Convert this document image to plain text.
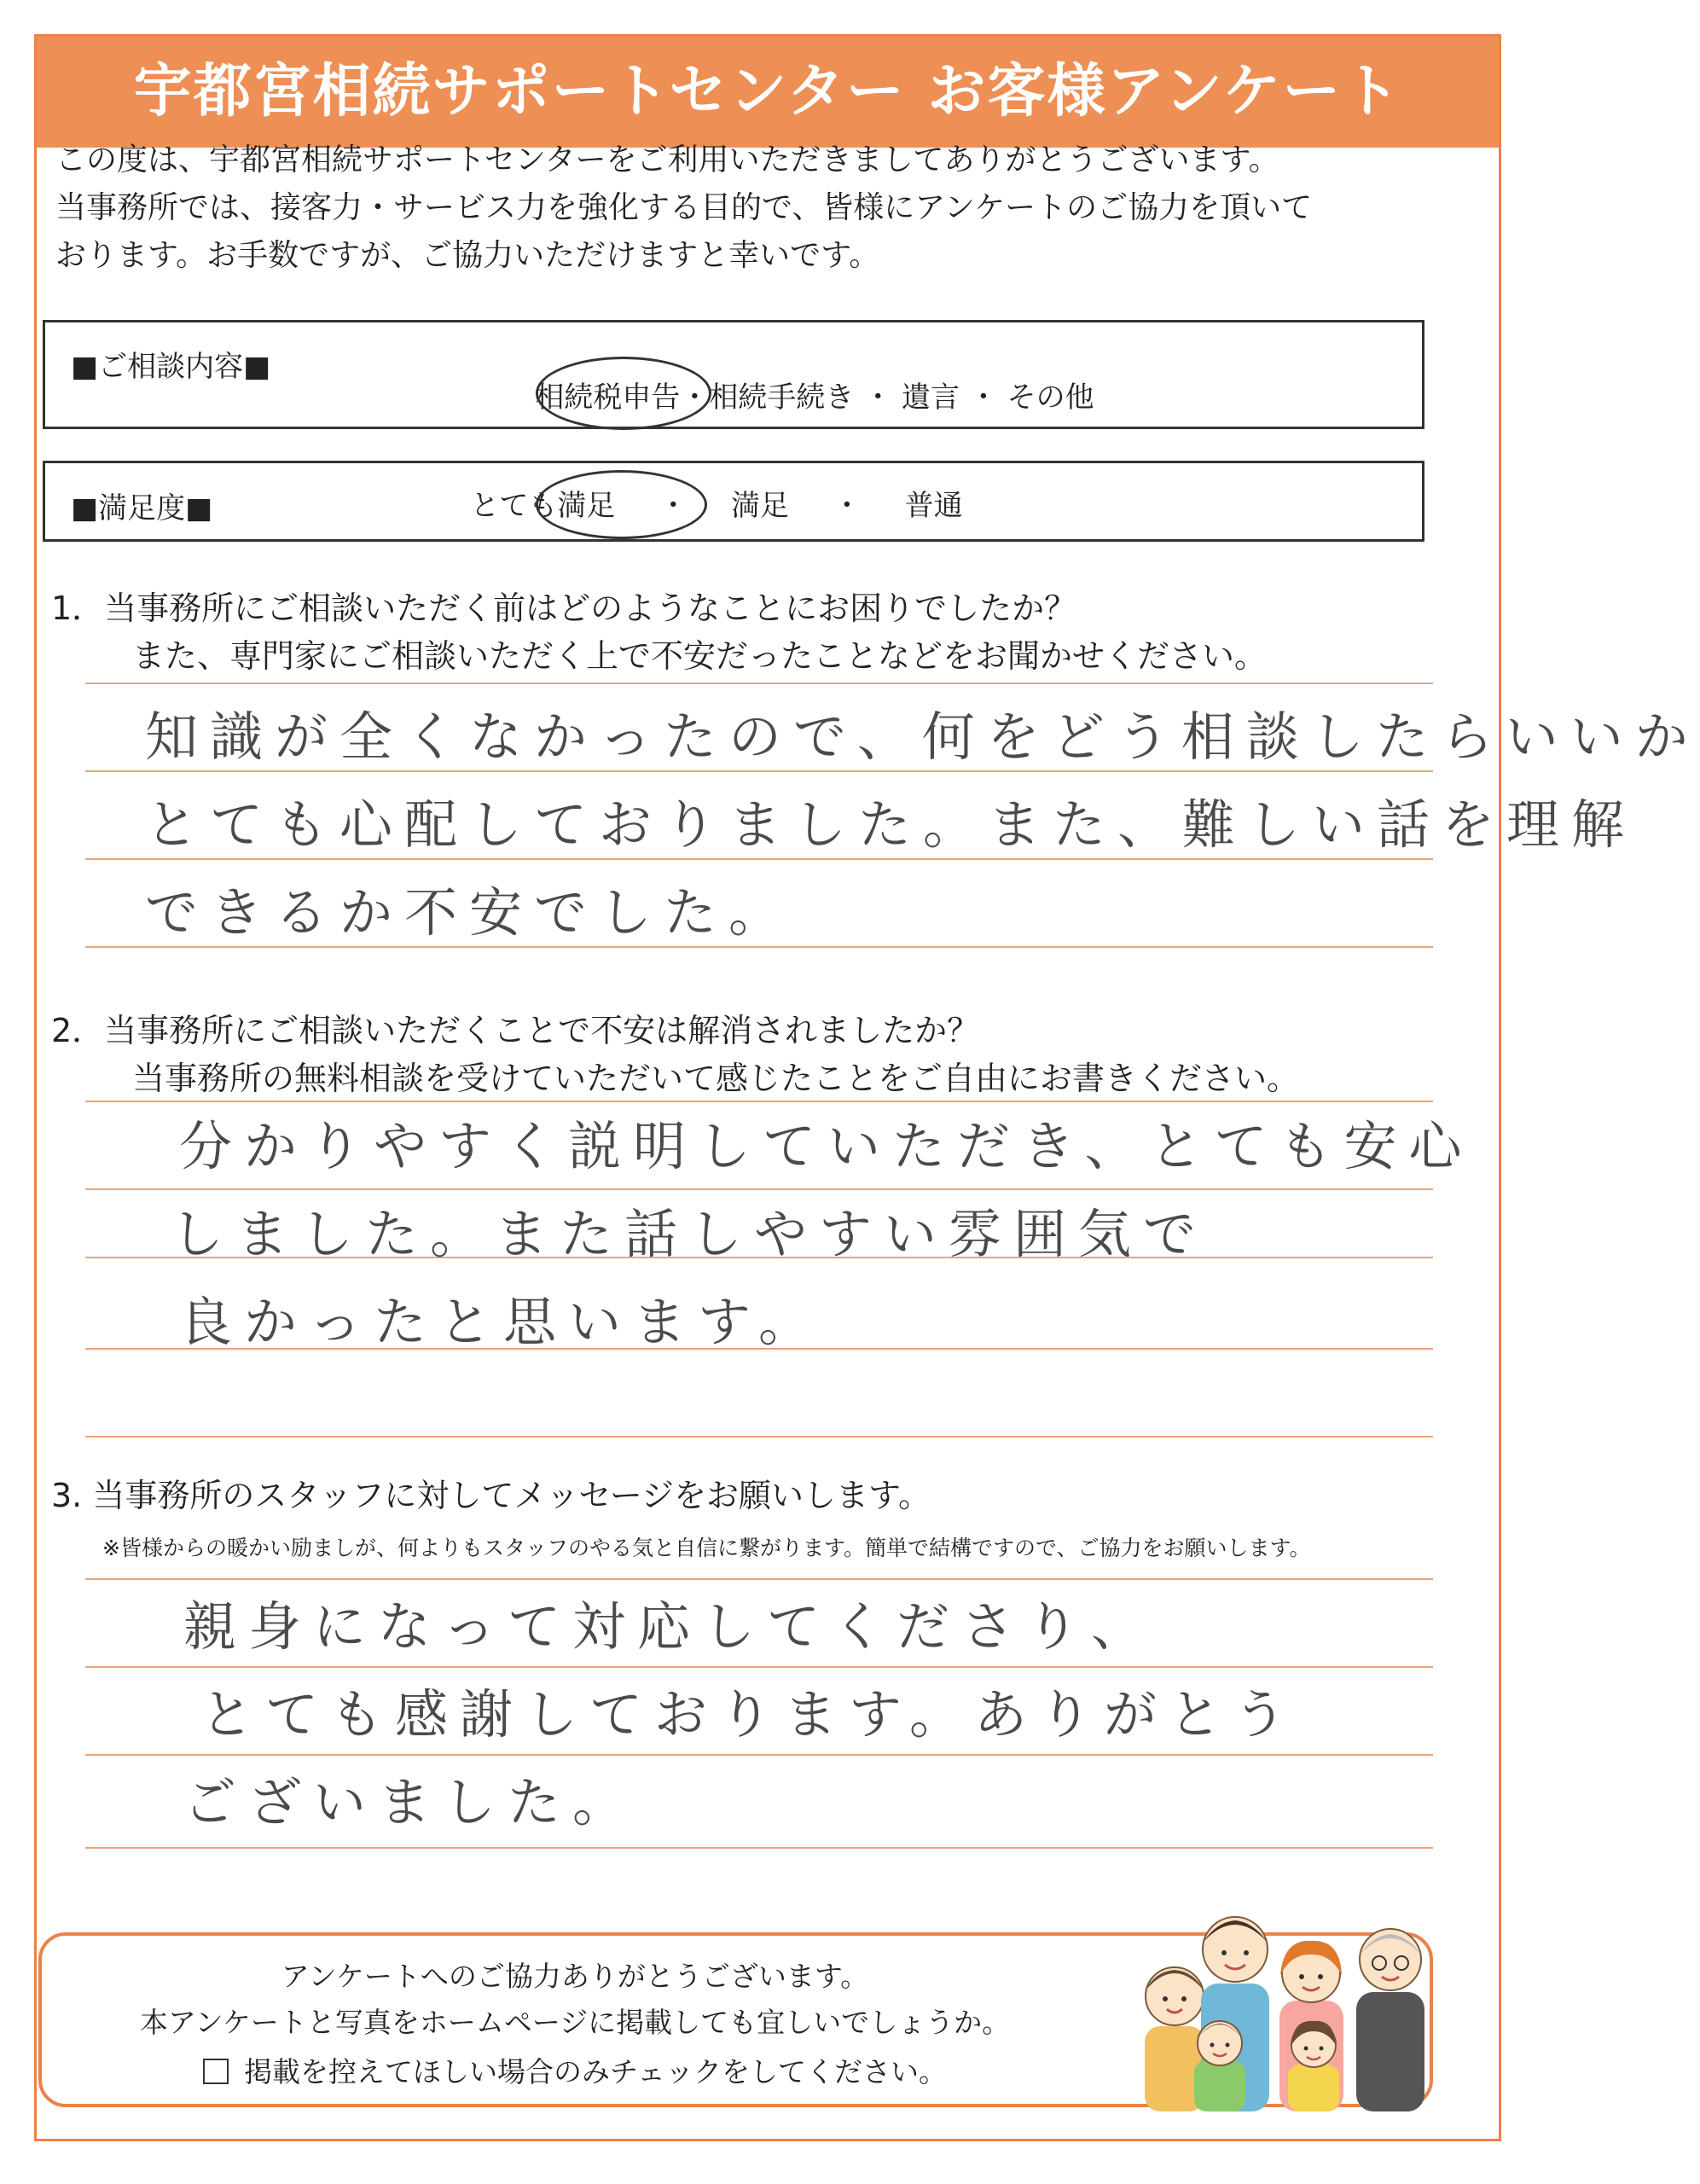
宇都宮相続サポートセンター お客様アンケート
この度は、宇都宮相続サポートセンターをご利用いただきましてありがとうございます。
当事務所では、接客力・サービス力を強化する目的で、皆様にアンケートのご協力を頂いて
おります。お手数ですが、ご協力いただけますと幸いです。
■ご相談内容■
相続税申告・相続手続き ・ 遺言 ・ その他
■満足度■	とても満足 ・ 満足 ・ 普通
1．当事務所にご相談いただく前はどのようなことにお困りでしたか？
また、専門家にご相談いただく上で不安だったことなどをお聞かせください。
知識が全くなかったので、何をどう相談したらいいか
とても心配しておりました。また、難しい話を理解
できるか不安でした。
2．当事務所にご相談いただくことで不安は解消されましたか？
当事務所の無料相談を受けていただいて感じたことをご自由にお書きください。
分かりやすく説明していただき、とても安心
しました。また話しやすい雰囲気で
良かったと思います。
3. 当事務所のスタッフに対してメッセージをお願いします。
※皆様からの暖かい励ましが、何よりもスタッフのやる気と自信に繋がります。簡単で結構ですので、ご協力をお願いします。
親身になって対応してくださり、
とても感謝しております。ありがとう
ございました。
アンケートへのご協力ありがとうございます。
本アンケートと写真をホームページに掲載しても宜しいでしょうか。
掲載を控えてほしい場合のみチェックをしてください。
